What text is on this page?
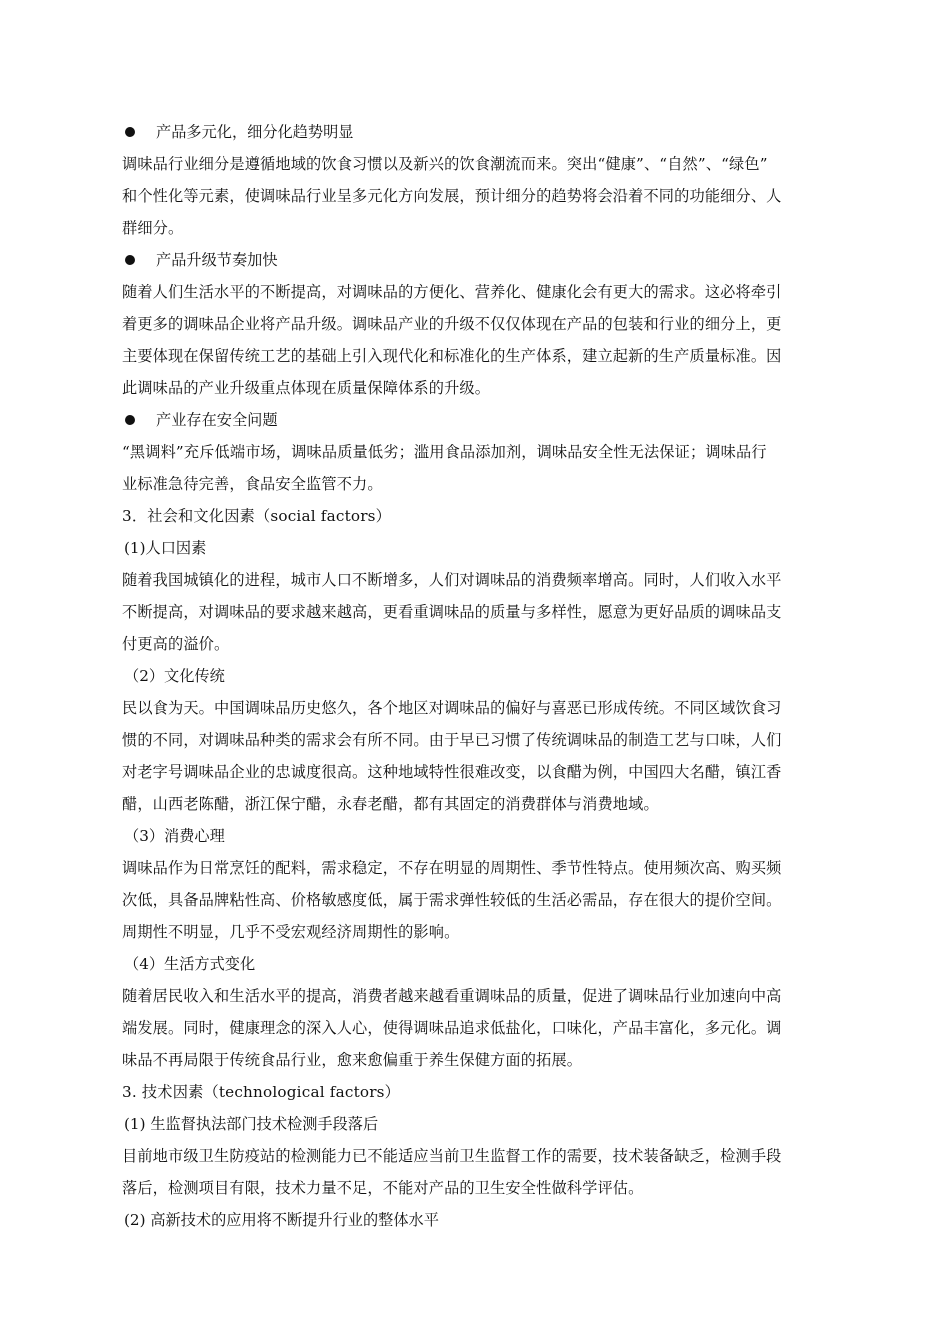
产品多元化，细分化趋势明显
调味品行业细分是遵循地域的饮食习惯以及新兴的饮食潮流而来。突出“健康”、“自然”、“绿色”
和个性化等元素，使调味品行业呈多元化方向发展，预计细分的趋势将会沿着不同的功能细分、人
群细分。
产品升级节奏加快
随着人们生活水平的不断提高，对调味品的方便化、营养化、健康化会有更大的需求。这必将牵引
着更多的调味品企业将产品升级。调味品产业的升级不仅仅体现在产品的包装和行业的细分上，更
主要体现在保留传统工艺的基础上引入现代化和标准化的生产体系，建立起新的生产质量标准。因
此调味品的产业升级重点体现在质量保障体系的升级。
产业存在安全问题
“黑调料”充斥低端市场，调味品质量低劣；滥用食品添加剂，调味品安全性无法保证；调味品行
业标准急待完善，食品安全监管不力。
3．社会和文化因素（social factors）
(1)人口因素
随着我国城镇化的进程，城市人口不断增多，人们对调味品的消费频率增高。同时，人们收入水平
不断提高，对调味品的要求越来越高，更看重调味品的质量与多样性，愿意为更好品质的调味品支
付更高的溢价。
（2）文化传统
民以食为天。中国调味品历史悠久，各个地区对调味品的偏好与喜恶已形成传统。不同区域饮食习
惯的不同，对调味品种类的需求会有所不同。由于早已习惯了传统调味品的制造工艺与口味，人们
对老字号调味品企业的忠诚度很高。这种地域特性很难改变，以食醋为例，中国四大名醋，镇江香
醋，山西老陈醋，浙江保宁醋，永春老醋，都有其固定的消费群体与消费地域。
（3）消费心理
调味品作为日常烹饪的配料，需求稳定，不存在明显的周期性、季节性特点。使用频次高、购买频
次低，具备品牌粘性高、价格敏感度低，属于需求弹性较低的生活必需品，存在很大的提价空间。
周期性不明显，几乎不受宏观经济周期性的影响。
（4）生活方式变化
随着居民收入和生活水平的提高，消费者越来越看重调味品的质量，促进了调味品行业加速向中高
端发展。同时，健康理念的深入人心，使得调味品追求低盐化，口味化，产品丰富化，多元化。调
味品不再局限于传统食品行业，愈来愈偏重于养生保健方面的拓展。
3. 技术因素（technological factors）
(1) 生监督执法部门技术检测手段落后
目前地市级卫生防疫站的检测能力已不能适应当前卫生监督工作的需要，技术装备缺乏，检测手段
落后，检测项目有限，技术力量不足，不能对产品的卫生安全性做科学评估。
(2) 高新技术的应用将不断提升行业的整体水平
